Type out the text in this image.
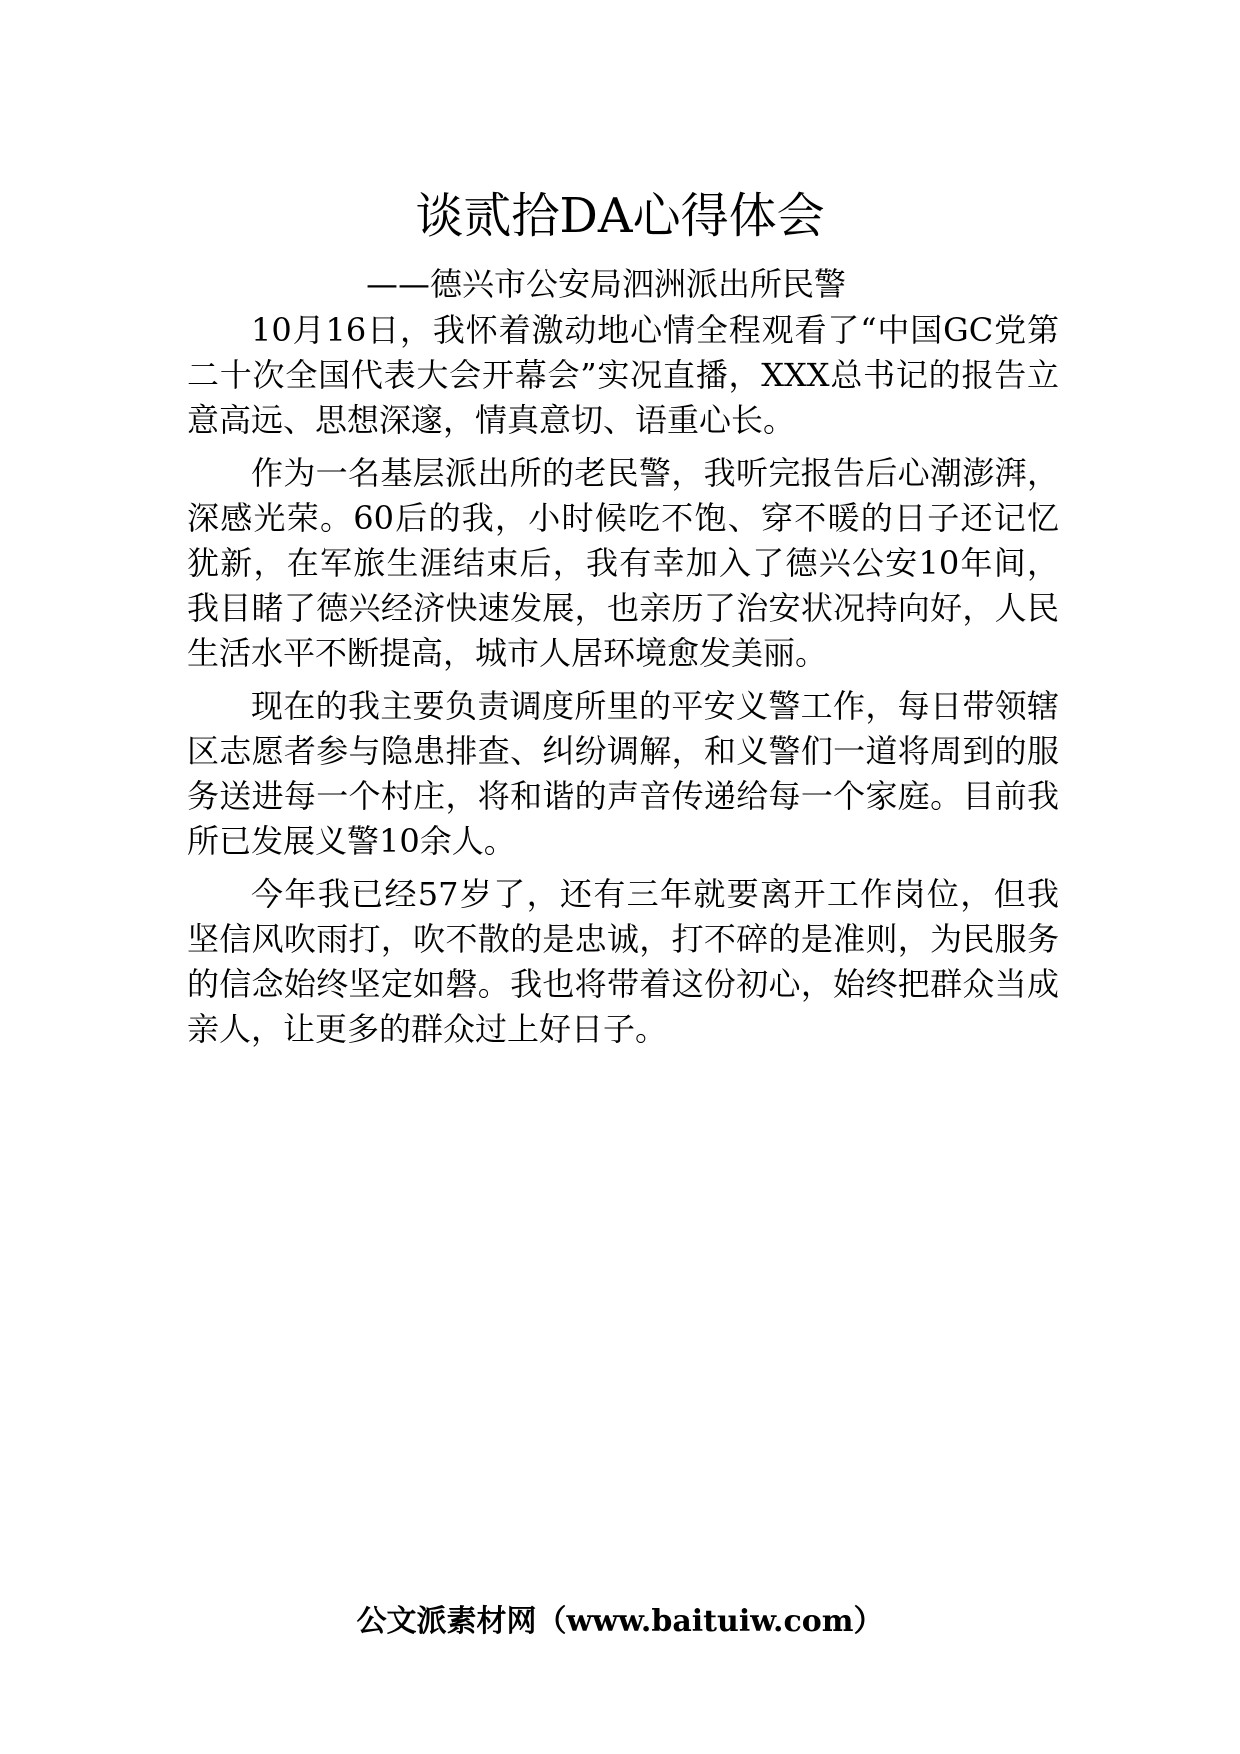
谈贰拾DA心得体会
——德兴市公安局泗洲派出所民警

10月16日，我怀着激动地心情全程观看了“中国GC党第二十次全国代表大会开幕会”实况直播，XXX总书记的报告立意高远、思想深邃，情真意切、语重心长。

作为一名基层派出所的老民警，我听完报告后心潮澎湃，深感光荣。60后的我，小时候吃不饱、穿不暖的日子还记忆犹新，在军旅生涯结束后，我有幸加入了德兴公安10年间，我目睹了德兴经济快速发展，也亲历了治安状况持向好，人民生活水平不断提高，城市人居环境愈发美丽。

现在的我主要负责调度所里的平安义警工作，每日带领辖区志愿者参与隐患排查、纠纷调解，和义警们一道将周到的服务送进每一个村庄，将和谐的声音传递给每一个家庭。目前我所已发展义警10余人。

今年我已经57岁了，还有三年就要离开工作岗位，但我坚信风吹雨打，吹不散的是忠诚，打不碎的是准则，为民服务的信念始终坚定如磐。我也将带着这份初心，始终把群众当成亲人，让更多的群众过上好日子。

公文派素材网（www.baituiw.com）
